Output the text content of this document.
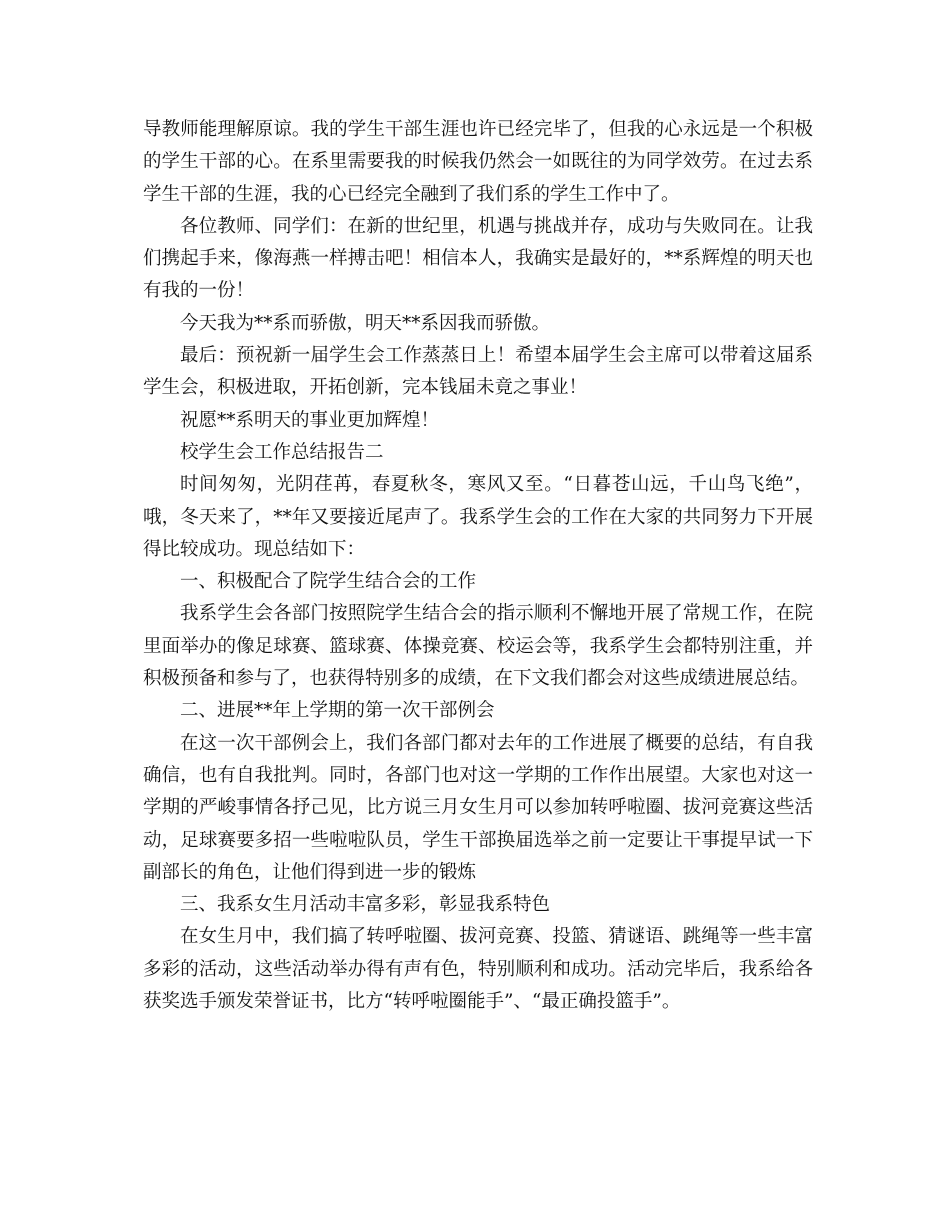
导教师能理解原谅。我的学生干部生涯也许已经完毕了，但我的心永远是一个积极的学生干部的心。在系里需要我的时候我仍然会一如既往的为同学效劳。在过去系学生干部的生涯，我的心已经完全融到了我们系的学生工作中了。

各位教师、同学们：在新的世纪里，机遇与挑战并存，成功与失败同在。让我们携起手来，像海燕一样搏击吧！相信本人，我确实是最好的，**系辉煌的明天也有我的一份！

今天我为**系而骄傲，明天**系因我而骄傲。

最后：预祝新一届学生会工作蒸蒸日上！希望本届学生会主席可以带着这届系学生会，积极进取，开拓创新，完本钱届未竟之事业！

祝愿**系明天的事业更加辉煌！

校学生会工作总结报告二

时间匆匆，光阴荏苒，春夏秋冬，寒风又至。“日暮苍山远，千山鸟飞绝”，哦，冬天来了，**年又要接近尾声了。我系学生会的工作在大家的共同努力下开展得比较成功。现总结如下：

一、积极配合了院学生结合会的工作

我系学生会各部门按照院学生结合会的指示顺利不懈地开展了常规工作，在院里面举办的像足球赛、篮球赛、体操竞赛、校运会等，我系学生会都特别注重，并积极预备和参与了，也获得特别多的成绩，在下文我们都会对这些成绩进展总结。

二、进展**年上学期的第一次干部例会

在这一次干部例会上，我们各部门都对去年的工作进展了概要的总结，有自我确信，也有自我批判。同时，各部门也对这一学期的工作作出展望。大家也对这一学期的严峻事情各抒己见，比方说三月女生月可以参加转呼啦圈、拔河竞赛这些活动，足球赛要多招一些啦啦队员，学生干部换届选举之前一定要让干事提早试一下副部长的角色，让他们得到进一步的锻炼

三、我系女生月活动丰富多彩，彰显我系特色

在女生月中，我们搞了转呼啦圈、拔河竞赛、投篮、猜谜语、跳绳等一些丰富多彩的活动，这些活动举办得有声有色，特别顺利和成功。活动完毕后，我系给各获奖选手颁发荣誉证书，比方“转呼啦圈能手”、“最正确投篮手”。
